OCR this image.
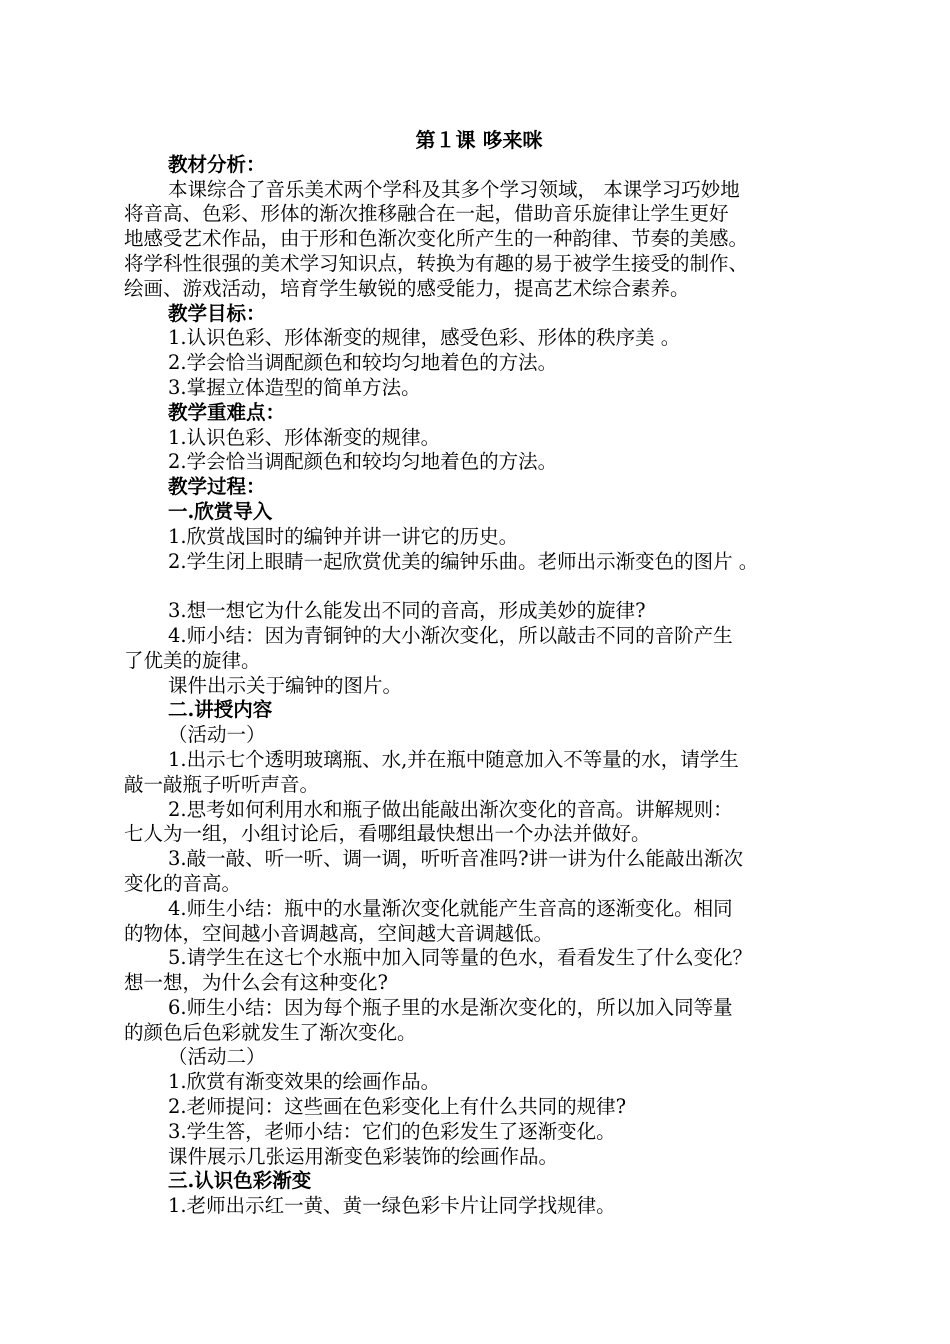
第１课 哆来咪
教材分析：
本课综合了音乐美术两个学科及其多个学习领域， 本课学习巧妙地
将音高、色彩、形体的渐次推移融合在一起，借助音乐旋律让学生更好
地感受艺术作品，由于形和色渐次变化所产生的一种韵律、节奏的美感。
将学科性很强的美术学习知识点，转换为有趣的易于被学生接受的制作、
绘画、游戏活动，培育学生敏锐的感受能力，提高艺术综合素养。
教学目标：
1.认识色彩、形体渐变的规律，感受色彩、形体的秩序美 。
2.学会恰当调配颜色和较均匀地着色的方法。
3.掌握立体造型的简单方法。
教学重难点：
1.认识色彩、形体渐变的规律。
2.学会恰当调配颜色和较均匀地着色的方法。
教学过程：
一.欣赏导入
1.欣赏战国时的编钟并讲一讲它的历史。
2.学生闭上眼睛一起欣赏优美的编钟乐曲。老师出示渐变色的图片 。
3.想一想它为什么能发出不同的音高，形成美妙的旋律?
4.师小结：因为青铜钟的大小渐次变化，所以敲击不同的音阶产生
了优美的旋律。
课件出示关于编钟的图片。
二.讲授内容
（活动一）
1.出示七个透明玻璃瓶、水,并在瓶中随意加入不等量的水，请学生
敲一敲瓶子听听声音。
2.思考如何利用水和瓶子做出能敲出渐次变化的音高。讲解规则：
七人为一组，小组讨论后，看哪组最快想出一个办法并做好。
3.敲一敲、听一听、调一调，听听音准吗?讲一讲为什么能敲出渐次
变化的音高。
4.师生小结：瓶中的水量渐次变化就能产生音高的逐渐变化。相同
的物体，空间越小音调越高，空间越大音调越低。
5.请学生在这七个水瓶中加入同等量的色水，看看发生了什么变化？
想一想，为什么会有这种变化?
6.师生小结：因为每个瓶子里的水是渐次变化的，所以加入同等量
的颜色后色彩就发生了渐次变化。
（活动二）
1.欣赏有渐变效果的绘画作品。
2.老师提问：这些画在色彩变化上有什么共同的规律?
3.学生答，老师小结：它们的色彩发生了逐渐变化。
课件展示几张运用渐变色彩装饰的绘画作品。
三.认识色彩渐变
1.老师出示红一黄、黄一绿色彩卡片让同学找规律。
